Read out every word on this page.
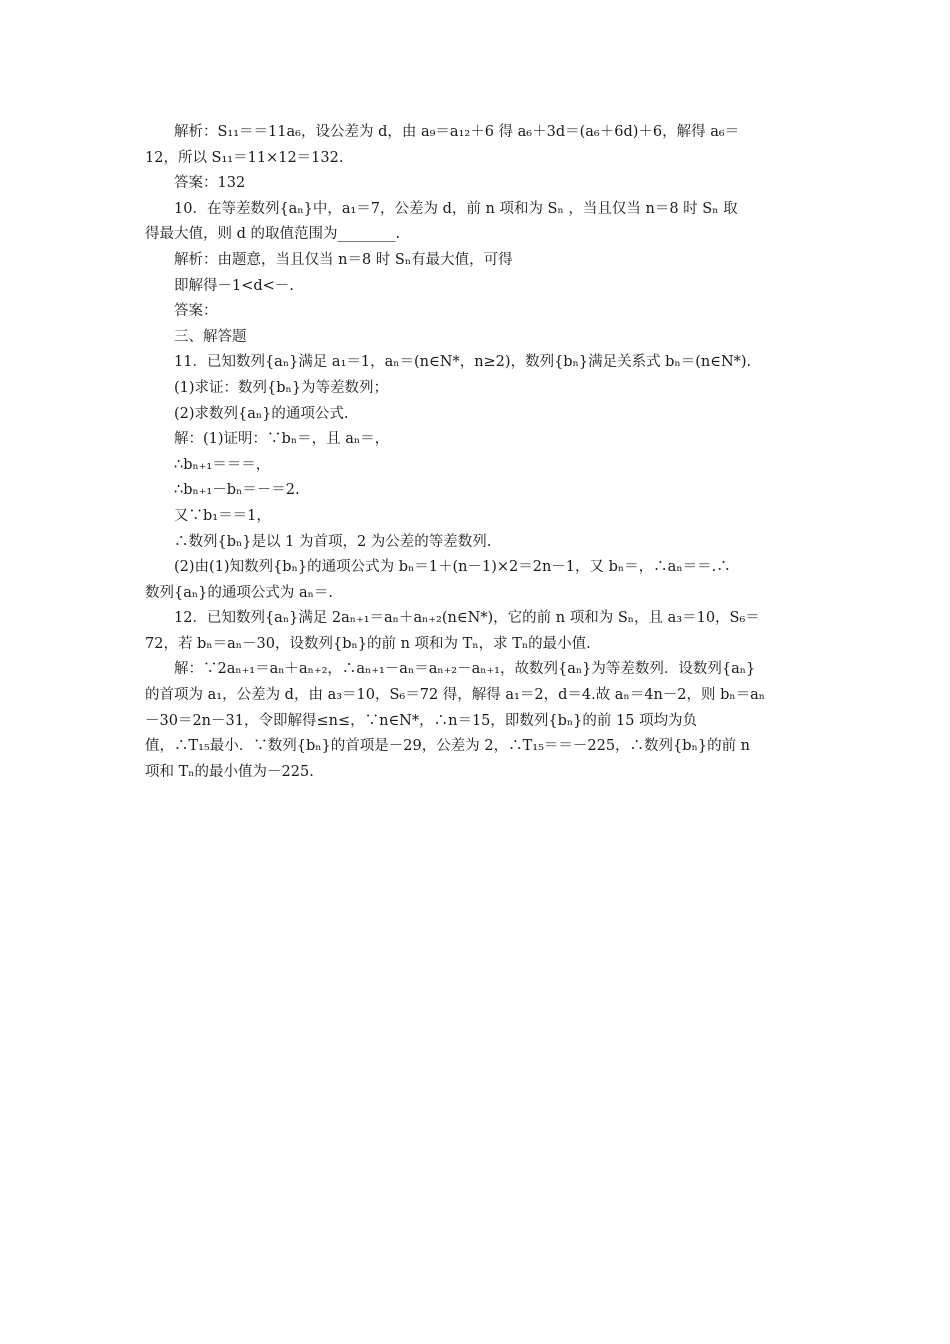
解析：S₁₁＝＝11a₆，设公差为 d，由 a₉＝a₁₂＋6 得 a₆＋3d＝(a₆＋6d)＋6，解得 a₆＝

12，所以 S₁₁＝11×12＝132.

答案：132

10．在等差数列{aₙ}中，a₁＝7，公差为 d，前 n 项和为 Sₙ ，当且仅当 n＝8 时 Sₙ 取

得最大值，则 d 的取值范围为________.

解析：由题意，当且仅当 n＝8 时 Sₙ有最大值，可得

即解得－1<d<－.

答案：

三、解答题

11．已知数列{aₙ}满足 a₁＝1，aₙ＝(n∈N*，n≥2)，数列{bₙ}满足关系式 bₙ＝(n∈N*).

(1)求证：数列{bₙ}为等差数列；

(2)求数列{aₙ}的通项公式.

解：(1)证明：∵bₙ＝，且 aₙ＝，

∴bₙ₊₁＝＝＝，

∴bₙ₊₁－bₙ＝－＝2.

又∵b₁＝＝1，

∴数列{bₙ}是以 1 为首项，2 为公差的等差数列.

(2)由(1)知数列{bₙ}的通项公式为 bₙ＝1＋(n－1)×2＝2n－1，又 bₙ＝，∴aₙ＝＝.∴

数列{aₙ}的通项公式为 aₙ＝.

12．已知数列{aₙ}满足 2aₙ₊₁＝aₙ＋aₙ₊₂(n∈N*)，它的前 n 项和为 Sₙ，且 a₃＝10，S₆＝

72，若 bₙ＝aₙ－30，设数列{bₙ}的前 n 项和为 Tₙ，求 Tₙ的最小值.

解：∵2aₙ₊₁＝aₙ＋aₙ₊₂，∴aₙ₊₁－aₙ＝aₙ₊₂－aₙ₊₁，故数列{aₙ}为等差数列．设数列{aₙ}

的首项为 a₁，公差为 d，由 a₃＝10，S₆＝72 得，解得 a₁＝2，d＝4.故 aₙ＝4n－2，则 bₙ＝aₙ

－30＝2n－31，令即解得≤n≤，∵n∈N*，∴n＝15，即数列{bₙ}的前 15 项均为负

值，∴T₁₅最小．∵数列{bₙ}的首项是－29，公差为 2，∴T₁₅＝＝－225，∴数列{bₙ}的前 n

项和 Tₙ的最小值为－225.
